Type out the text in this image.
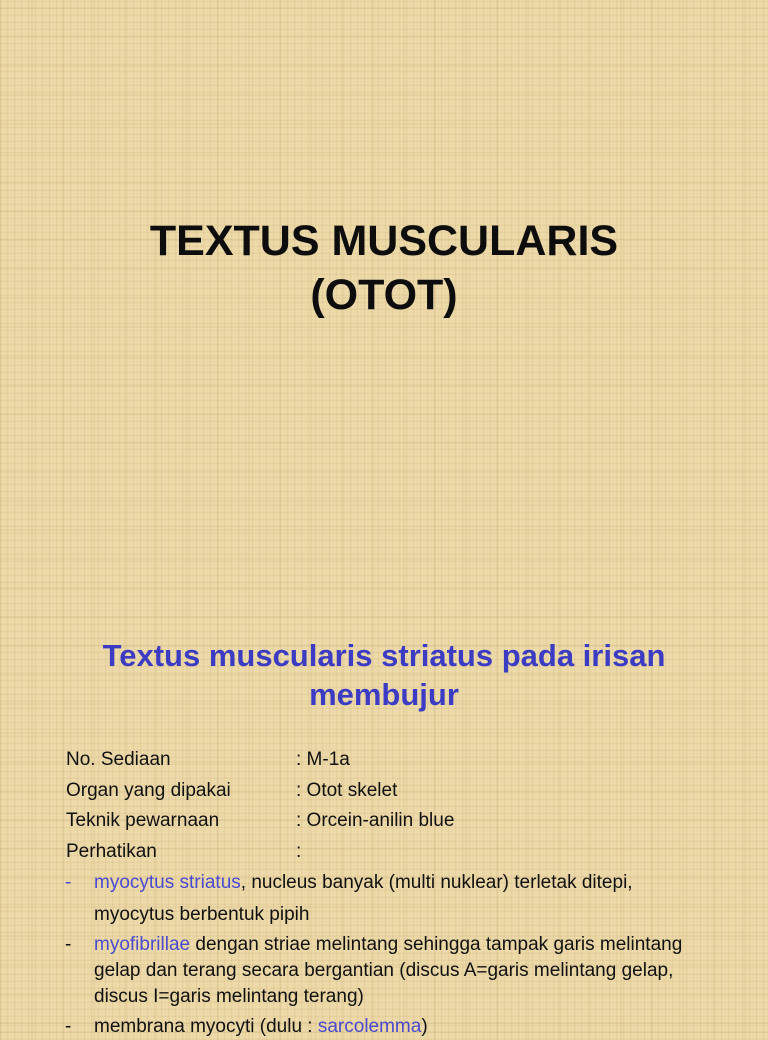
TEXTUS MUSCULARIS
(OTOT)
Textus muscularis striatus pada irisan
membujur
No. Sediaan	: M-1a
Organ yang dipakai	: Otot skelet
Teknik pewarnaan	: Orcein-anilin blue
Perhatikan	:
- myocytus striatus, nucleus banyak (multi nuklear) terletak ditepi,
myocytus berbentuk pipih
- myofibrillae dengan striae melintang sehingga tampak garis melintang gelap dan terang secara bergantian (discus A=garis melintang gelap, discus I=garis melintang terang)
- membrana myocyti (dulu : sarcolemma)
